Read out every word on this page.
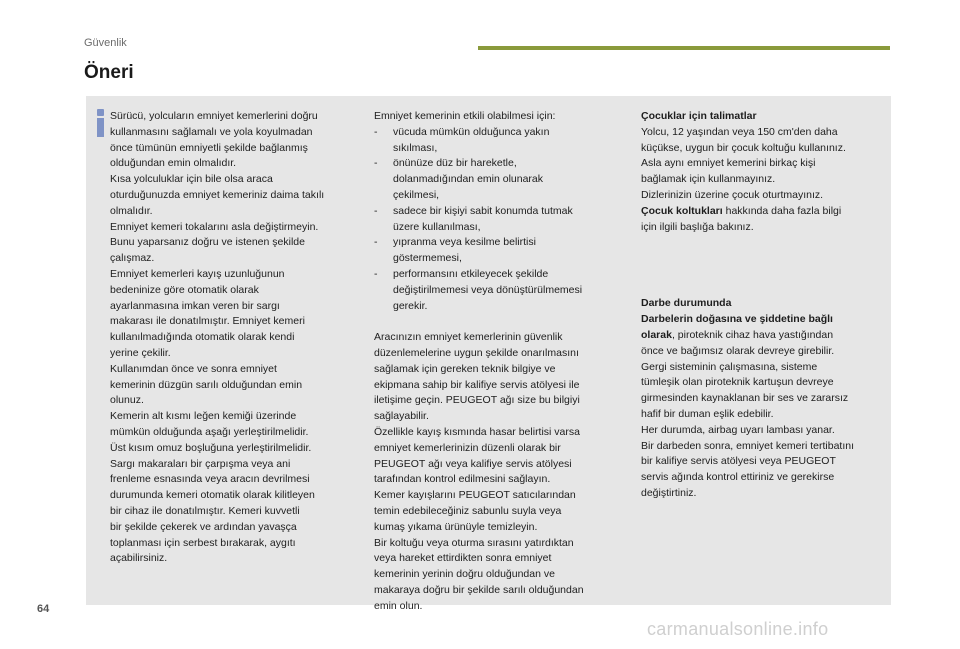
Güvenlik
Öneri

Sürücü, yolcuların emniyet kemerlerini doğru

kullanmasını sağlamalı ve yola koyulmadan

önce tümünün emniyetli şekilde bağlanmış

olduğundan emin olmalıdır.

Kısa yolculuklar için bile olsa araca

oturduğunuzda emniyet kemeriniz daima takılı

olmalıdır.

Emniyet kemeri tokalarını asla değiştirmeyin.

Bunu yaparsanız doğru ve istenen şekilde

çalışmaz.

Emniyet kemerleri kayış uzunluğunun

bedeninize göre otomatik olarak

ayarlanmasına imkan veren bir sargı

makarası ile donatılmıştır. Emniyet kemeri

kullanılmadığında otomatik olarak kendi

yerine çekilir.

Kullanımdan önce ve sonra emniyet

kemerinin düzgün sarılı olduğundan emin

olunuz.

Kemerin alt kısmı leğen kemiği üzerinde

mümkün olduğunda aşağı yerleştirilmelidir.

Üst kısım omuz boşluğuna yerleştirilmelidir.

Sargı makaraları bir çarpışma veya ani

frenleme esnasında veya aracın devrilmesi

durumunda kemeri otomatik olarak kilitleyen

bir cihaz ile donatılmıştır. Kemeri kuvvetli

bir şekilde çekerek ve ardından yavaşça

toplanması için serbest bırakarak, aygıtı

açabilirsiniz.

Emniyet kemerinin etkili olabilmesi için:

- vücuda mümkün olduğunca yakın

sıkılması,

- önünüze düz bir hareketle,

dolanmadığından emin olunarak

çekilmesi,

- sadece bir kişiyi sabit konumda tutmak

üzere kullanılması,

- yıpranma veya kesilme belirtisi

göstermemesi,

- performansını etkileyecek şekilde

değiştirilmemesi veya dönüştürülmemesi

gerekir.

Aracınızın emniyet kemerlerinin güvenlik

düzenlemelerine uygun şekilde onarılmasını

sağlamak için gereken teknik bilgiye ve

ekipmana sahip bir kalifiye servis atölyesi ile

iletişime geçin. PEUGEOT ağı size bu bilgiyi

sağlayabilir.

Özellikle kayış kısmında hasar belirtisi varsa

emniyet kemerlerinizin düzenli olarak bir

PEUGEOT ağı veya kalifiye servis atölyesi

tarafından kontrol edilmesini sağlayın.

Kemer kayışlarını PEUGEOT satıcılarından

temin edebileceğiniz sabunlu suyla veya

kumaş yıkama ürünüyle temizleyin.

Bir koltuğu veya oturma sırasını yatırdıktan

veya hareket ettirdikten sonra emniyet

kemerinin yerinin doğru olduğundan ve

makaraya doğru bir şekilde sarılı olduğundan

emin olun.

Çocuklar için talimatlar

Yolcu, 12 yaşından veya 150 cm'den daha

küçükse, uygun bir çocuk koltuğu kullanınız.

Asla aynı emniyet kemerini birkaç kişi

bağlamak için kullanmayınız.

Dizlerinizin üzerine çocuk oturtmayınız.

Çocuk koltukları hakkında daha fazla bilgi

için ilgili başlığa bakınız.

Darbe durumunda

Darbelerin doğasına ve şiddetine bağlı

olarak, piroteknik cihaz hava yastığından

önce ve bağımsız olarak devreye girebilir.

Gergi sisteminin çalışmasına, sisteme

tümleşik olan piroteknik kartuşun devreye

girmesinden kaynaklanan bir ses ve zararsız

hafif bir duman eşlik edebilir.

Her durumda, airbag uyarı lambası yanar.

Bir darbeden sonra, emniyet kemeri tertibatını

bir kalifiye servis atölyesi veya PEUGEOT

servis ağında kontrol ettiriniz ve gerekirse

değiştirtiniz.

64
carmanualsonline.info
